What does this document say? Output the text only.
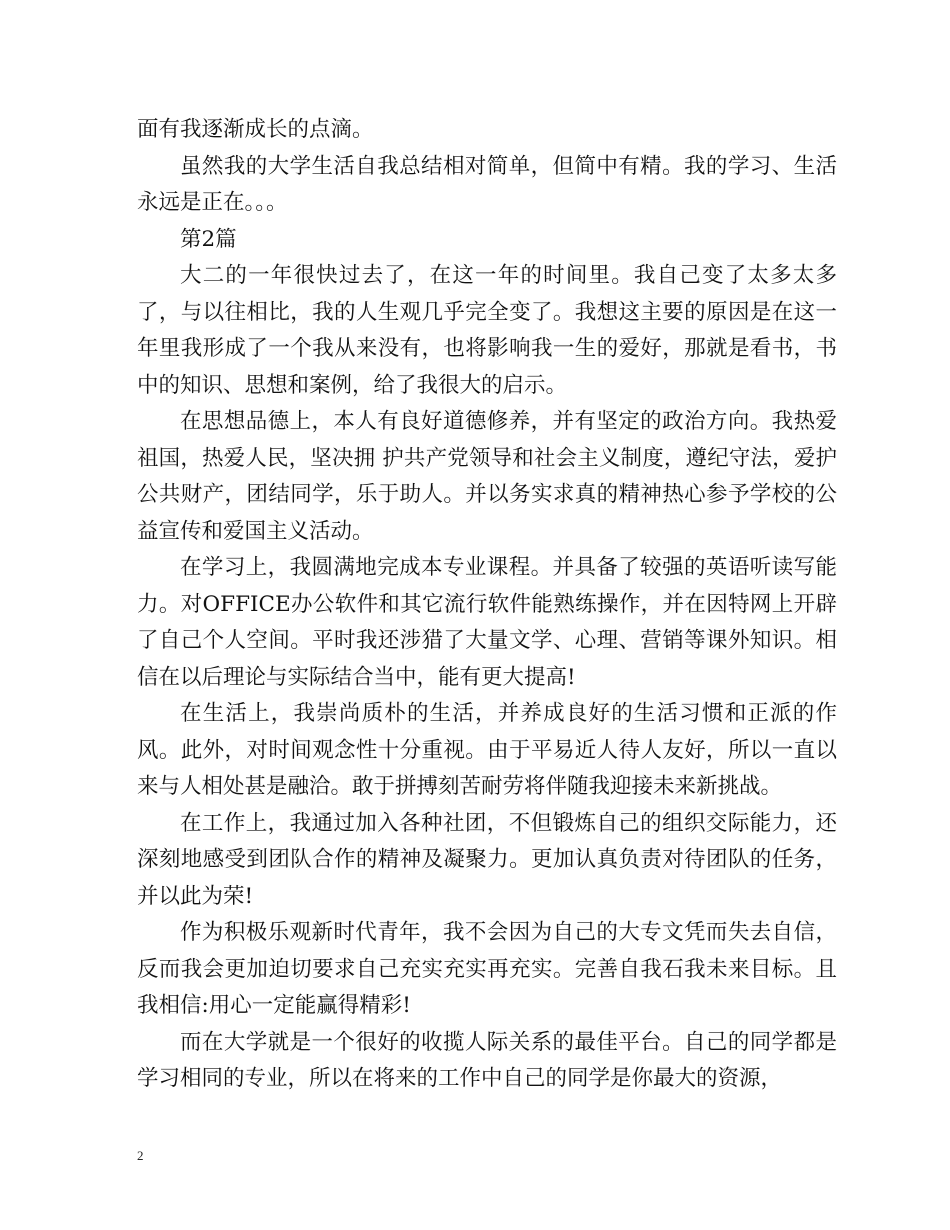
面有我逐渐成长的点滴。

虽然我的大学生活自我总结相对简单，但简中有精。我的学习、生活永远是正在。。。

第2篇

大二的一年很快过去了，在这一年的时间里。我自己变了太多太多了，与以往相比，我的人生观几乎完全变了。我想这主要的原因是在这一年里我形成了一个我从来没有，也将影响我一生的爱好，那就是看书，书中的知识、思想和案例，给了我很大的启示。

在思想品德上，本人有良好道德修养，并有坚定的政治方向。我热爱祖国，热爱人民，坚决拥 护共产党领导和社会主义制度，遵纪守法，爱护公共财产，团结同学，乐于助人。并以务实求真的精神热心参予学校的公益宣传和爱国主义活动。

在学习上，我圆满地完成本专业课程。并具备了较强的英语听读写能力。对OFFICE办公软件和其它流行软件能熟练操作，并在因特网上开辟了自己个人空间。平时我还涉猎了大量文学、心理、营销等课外知识。相信在以后理论与实际结合当中，能有更大提高!

在生活上，我崇尚质朴的生活，并养成良好的生活习惯和正派的作风。此外，对时间观念性十分重视。由于平易近人待人友好，所以一直以来与人相处甚是融洽。敢于拼搏刻苦耐劳将伴随我迎接未来新挑战。

在工作上，我通过加入各种社团，不但锻炼自己的组织交际能力，还深刻地感受到团队合作的精神及凝聚力。更加认真负责对待团队的任务，并以此为荣!

作为积极乐观新时代青年，我不会因为自己的大专文凭而失去自信，反而我会更加迫切要求自己充实充实再充实。完善自我石我未来目标。且我相信:用心一定能赢得精彩!

而在大学就是一个很好的收揽人际关系的最佳平台。自己的同学都是学习相同的专业，所以在将来的工作中自己的同学是你最大的资源，

2
